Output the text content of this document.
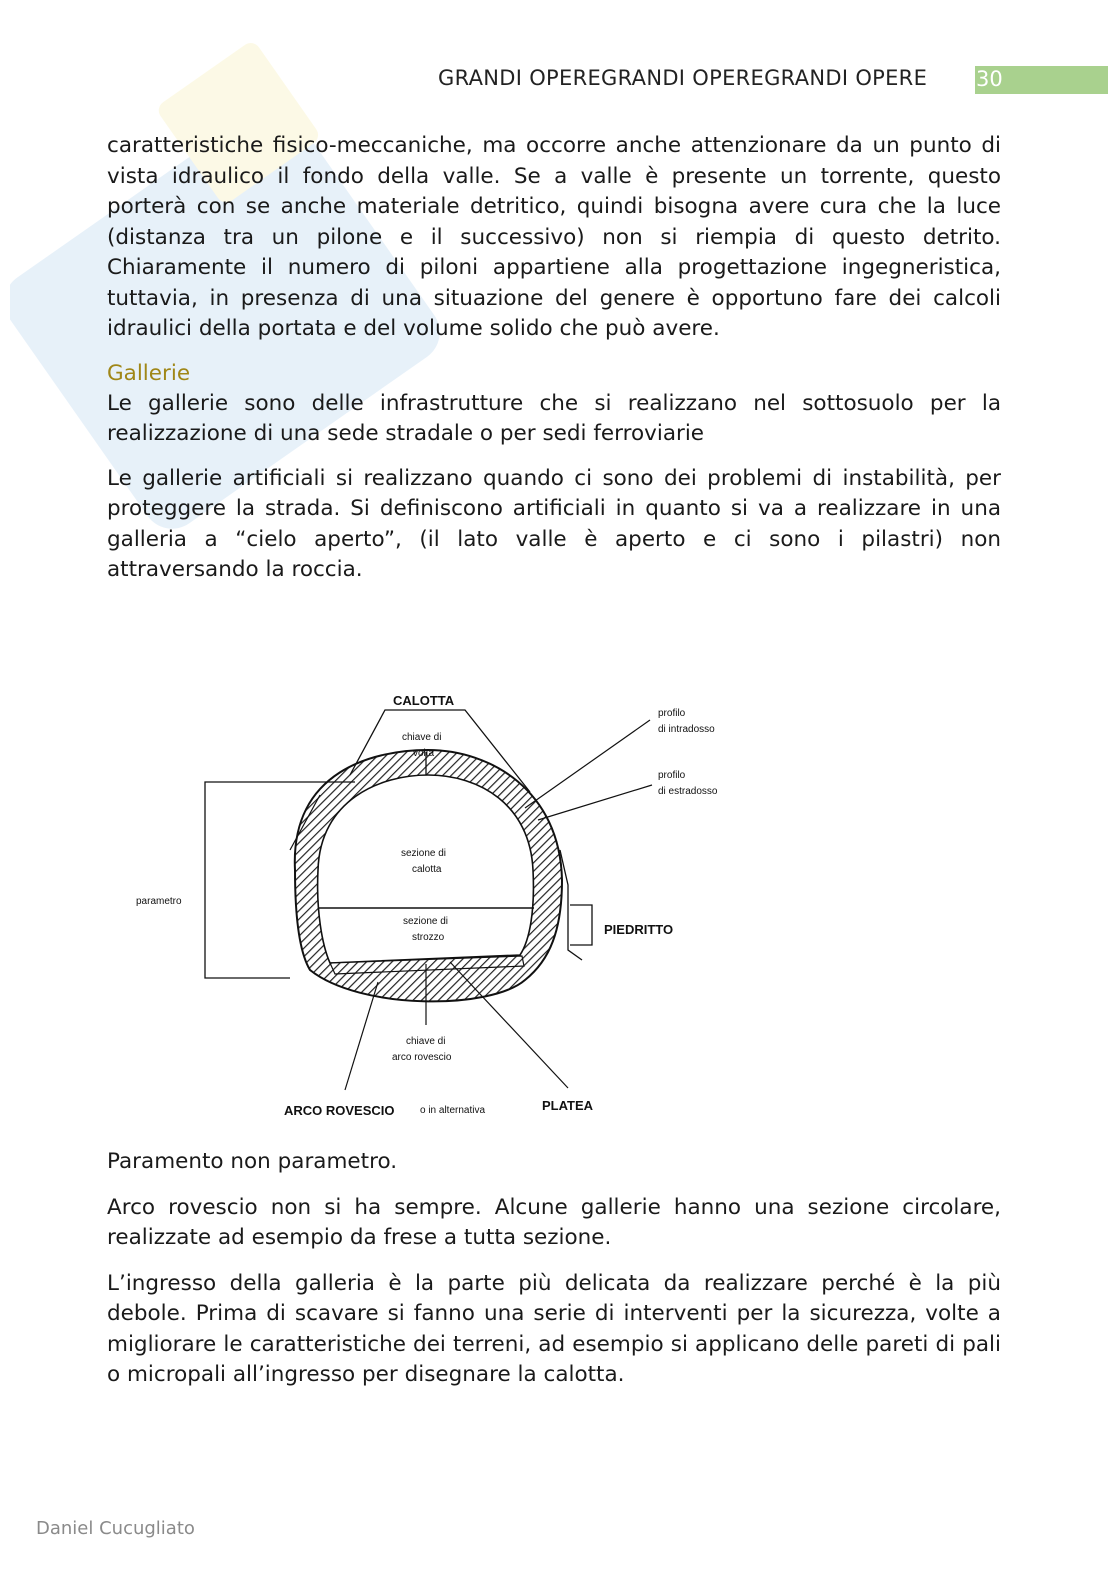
GRANDI OPEREGRANDI OPEREGRANDI OPERE	30

caratteristiche fisico-meccaniche, ma occorre anche attenzionare da un punto di vista idraulico il fondo della valle. Se a valle è presente un torrente, questo porterà con se anche materiale detritico, quindi bisogna avere cura che la luce (distanza tra un pilone e il successivo) non si riempia di questo detrito. Chiaramente il numero di piloni appartiene alla progettazione ingegneristica, tuttavia, in presenza di una situazione del genere è opportuno fare dei calcoli idraulici della portata e del volume solido che può avere.

Gallerie

Le gallerie sono delle infrastrutture che si realizzano nel sottosuolo per la realizzazione di una sede stradale o per sedi ferroviarie

Le gallerie artificiali si realizzano quando ci sono dei problemi di instabilità, per proteggere la strada. Si definiscono artificiali in quanto si va a realizzare in una galleria a “cielo aperto”, (il lato valle è aperto e ci sono i pilastri) non attraversando la roccia.

CALOTTA
chiave di
volta
profilo
di intradosso
profilo
di estradosso
sezione di
calotta
sezione di
strozzo
parametro
PIEDRITTO
chiave di
arco rovescio
ARCO ROVESCIO	o in alternativa	PLATEA

Paramento non parametro.

Arco rovescio non si ha sempre. Alcune gallerie hanno una sezione circolare, realizzate ad esempio da frese a tutta sezione.

L’ingresso della galleria è la parte più delicata da realizzare perché è la più debole. Prima di scavare si fanno una serie di interventi per la sicurezza, volte a migliorare le caratteristiche dei terreni, ad esempio si applicano delle pareti di pali o micropali all’ingresso per disegnare la calotta.

Daniel Cucugliato
